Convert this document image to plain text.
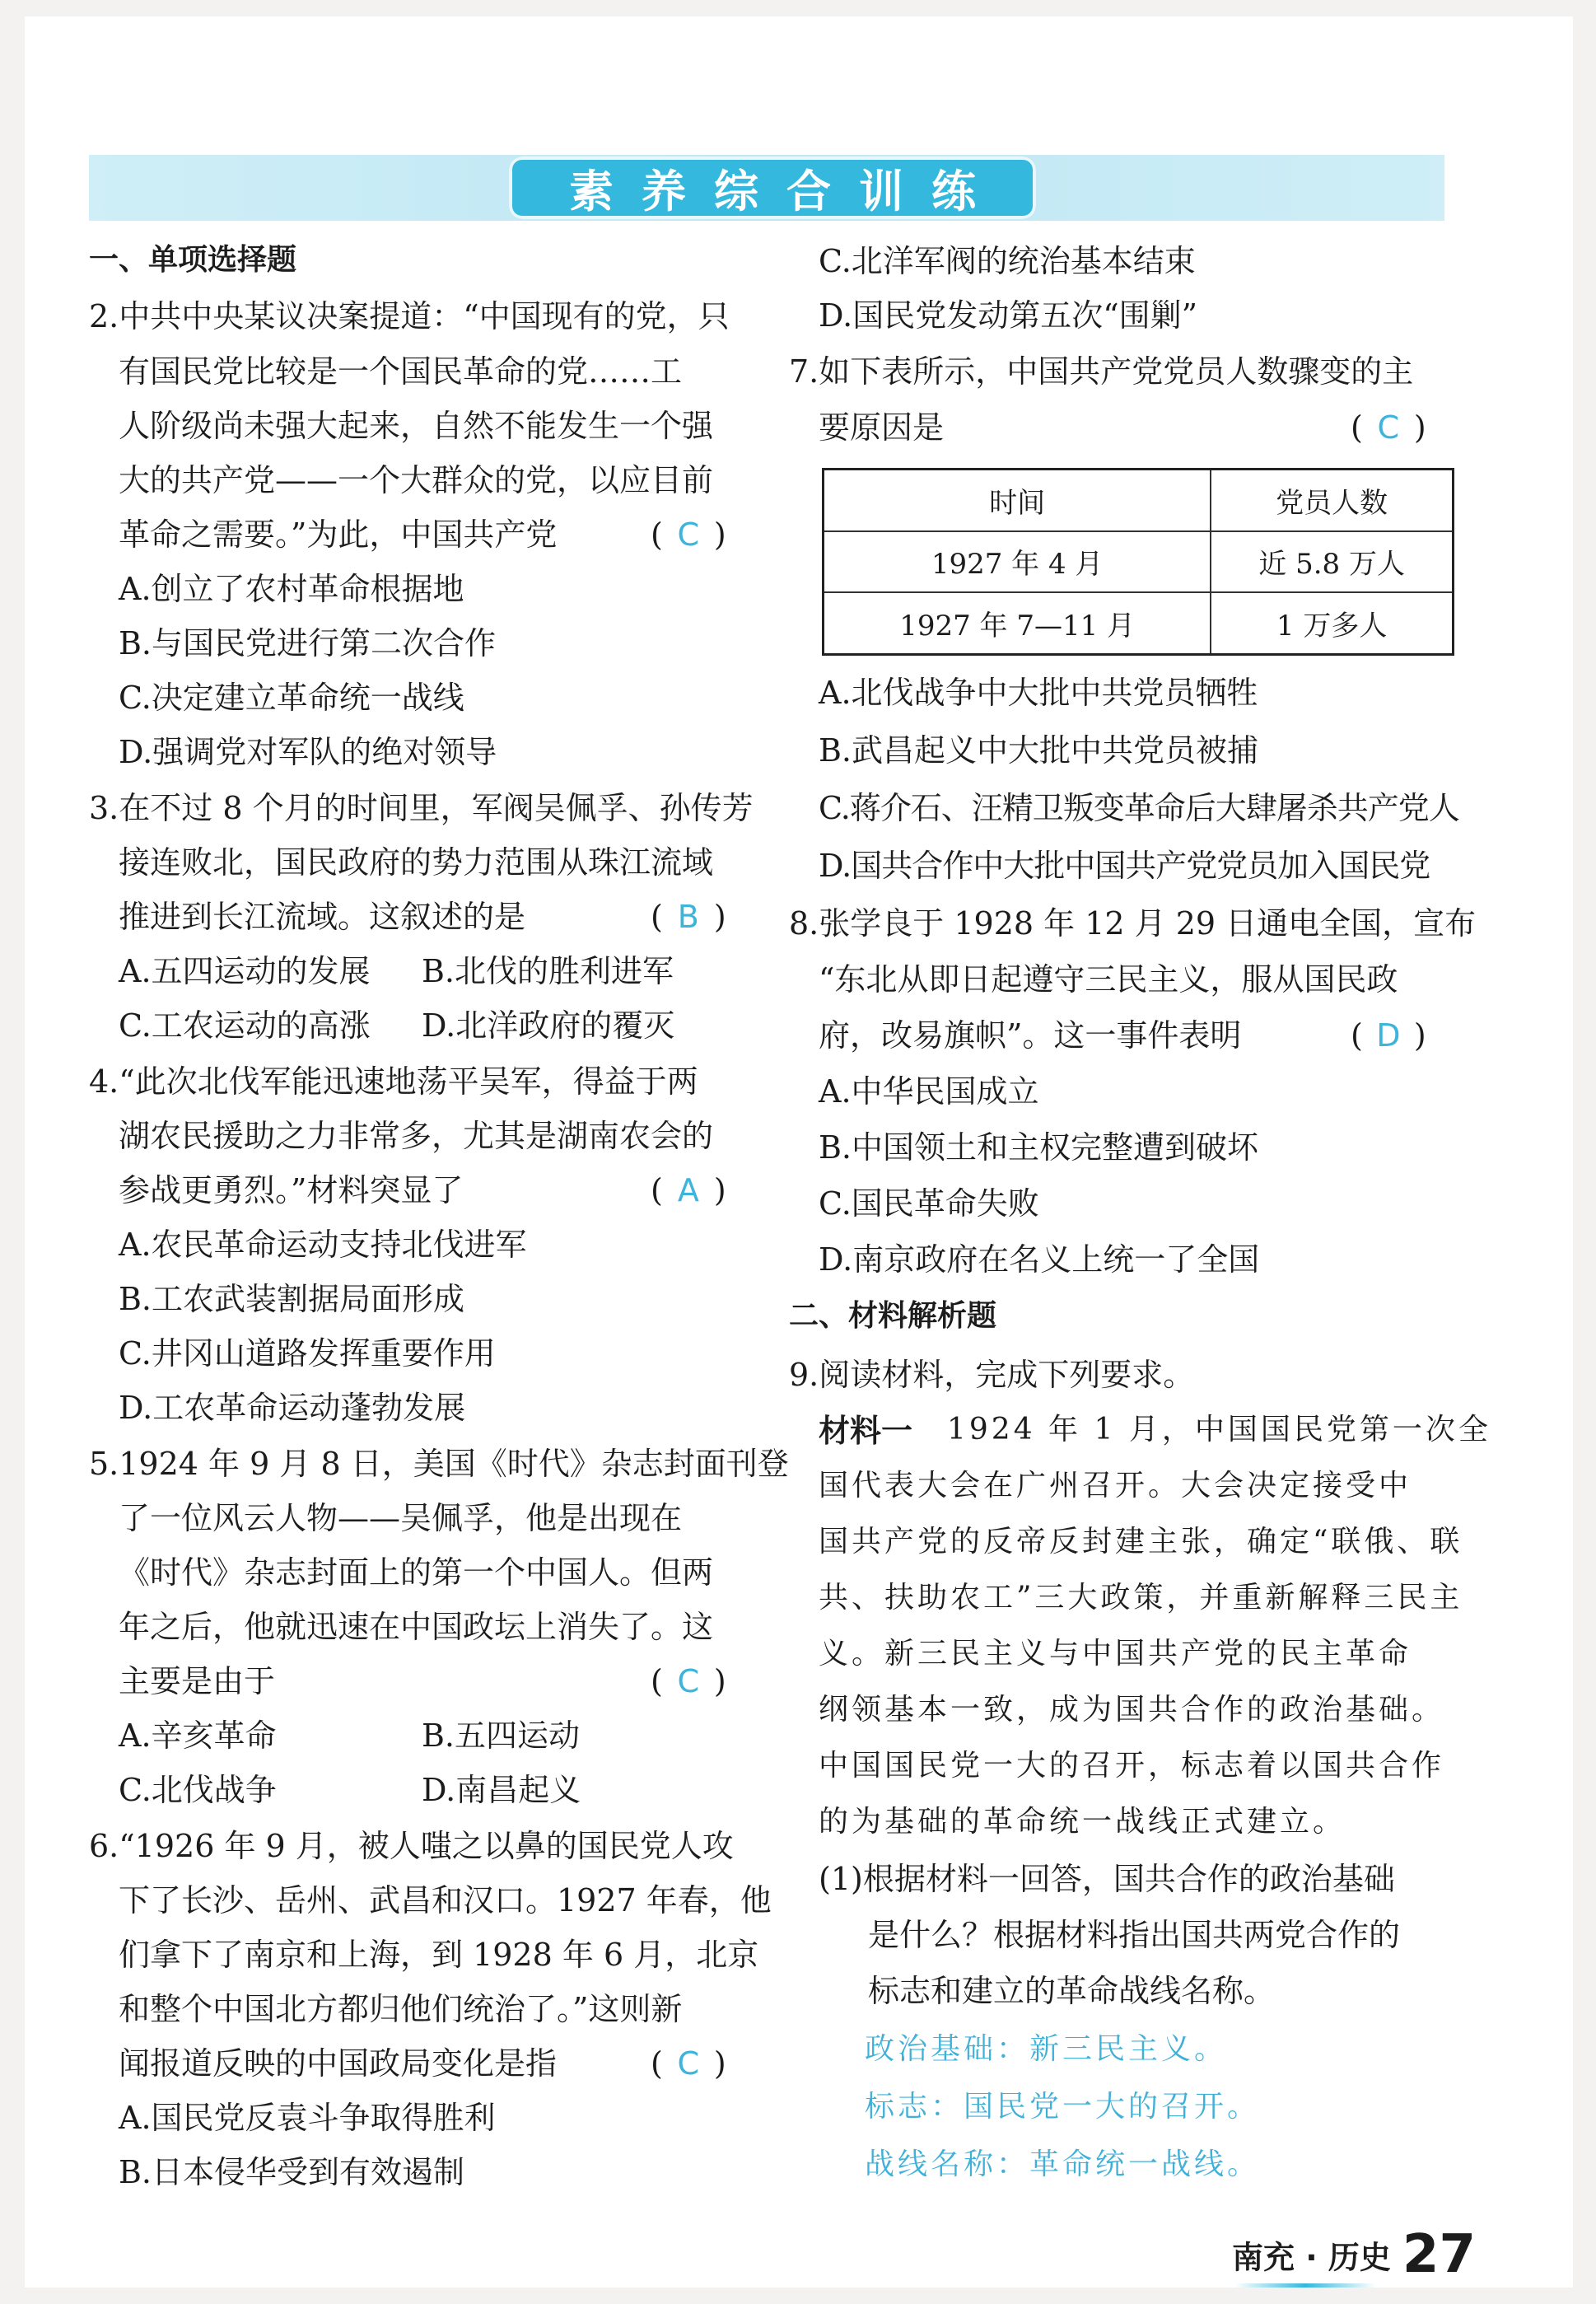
素养综合训练
一、单项选择题
2.中共中央某议决案提道：“中国现有的党，只
有国民党比较是一个国民革命的党……工
人阶级尚未强大起来，自然不能发生一个强
大的共产党——一个大群众的党，以应目前
革命之需要。”为此，中国共产党	( C )
A.创立了农村革命根据地
B.与国民党进行第二次合作
C.决定建立革命统一战线
D.强调党对军队的绝对领导
3.在不过 8 个月的时间里，军阀吴佩孚、孙传芳
接连败北，国民政府的势力范围从珠江流域
推进到长江流域。这叙述的是	( B )
A.五四运动的发展 B.北伐的胜利进军
C.工农运动的高涨 D.北洋政府的覆灭
4.“此次北伐军能迅速地荡平吴军，得益于两
湖农民援助之力非常多，尤其是湖南农会的
参战更勇烈。”材料突显了	( A )
A.农民革命运动支持北伐进军
B.工农武装割据局面形成
C.井冈山道路发挥重要作用
D.工农革命运动蓬勃发展
5.1924 年 9 月 8 日，美国《时代》杂志封面刊登
了一位风云人物——吴佩孚，他是出现在
《时代》杂志封面上的第一个中国人。但两
年之后，他就迅速在中国政坛上消失了。这
主要是由于	( C )
A.辛亥革命	B.五四运动
C.北伐战争	D.南昌起义
6.“1926 年 9 月，被人嗤之以鼻的国民党人攻
下了长沙、岳州、武昌和汉口。1927 年春，他
们拿下了南京和上海，到 1928 年 6 月，北京
和整个中国北方都归他们统治了。”这则新
闻报道反映的中国政局变化是指	( C )
A.国民党反袁斗争取得胜利
B.日本侵华受到有效遏制
C.北洋军阀的统治基本结束
D.国民党发动第五次“围剿”
7.如下表所示，中国共产党党员人数骤变的主
要原因是	( C )
时间	党员人数
1927 年 4 月	近 5.8 万人
1927 年 7—11 月	1 万多人
A.北伐战争中大批中共党员牺牲
B.武昌起义中大批中共党员被捕
C.蒋介石、汪精卫叛变革命后大肆屠杀共产党人
D.国共合作中大批中国共产党党员加入国民党
8.张学良于 1928 年 12 月 29 日通电全国，宣布
“东北从即日起遵守三民主义，服从国民政
府，改易旗帜”。这一事件表明	( D )
A.中华民国成立
B.中国领土和主权完整遭到破坏
C.国民革命失败
D.南京政府在名义上统一了全国
二、材料解析题
9.阅读材料，完成下列要求。
材料一 1924 年 1 月，中国国民党第一次全
国代表大会在广州召开。大会决定接受中
国共产党的反帝反封建主张，确定“联俄、联
共、扶助农工”三大政策，并重新解释三民主
义。新三民主义与中国共产党的民主革命
纲领基本一致，成为国共合作的政治基础。
中国国民党一大的召开，标志着以国共合作
的为基础的革命统一战线正式建立。
(1)根据材料一回答，国共合作的政治基础
是什么？根据材料指出国共两党合作的
标志和建立的革命战线名称。
政治基础：新三民主义。
标志：国民党一大的召开。
战线名称：革命统一战线。
南充 · 历史 27
